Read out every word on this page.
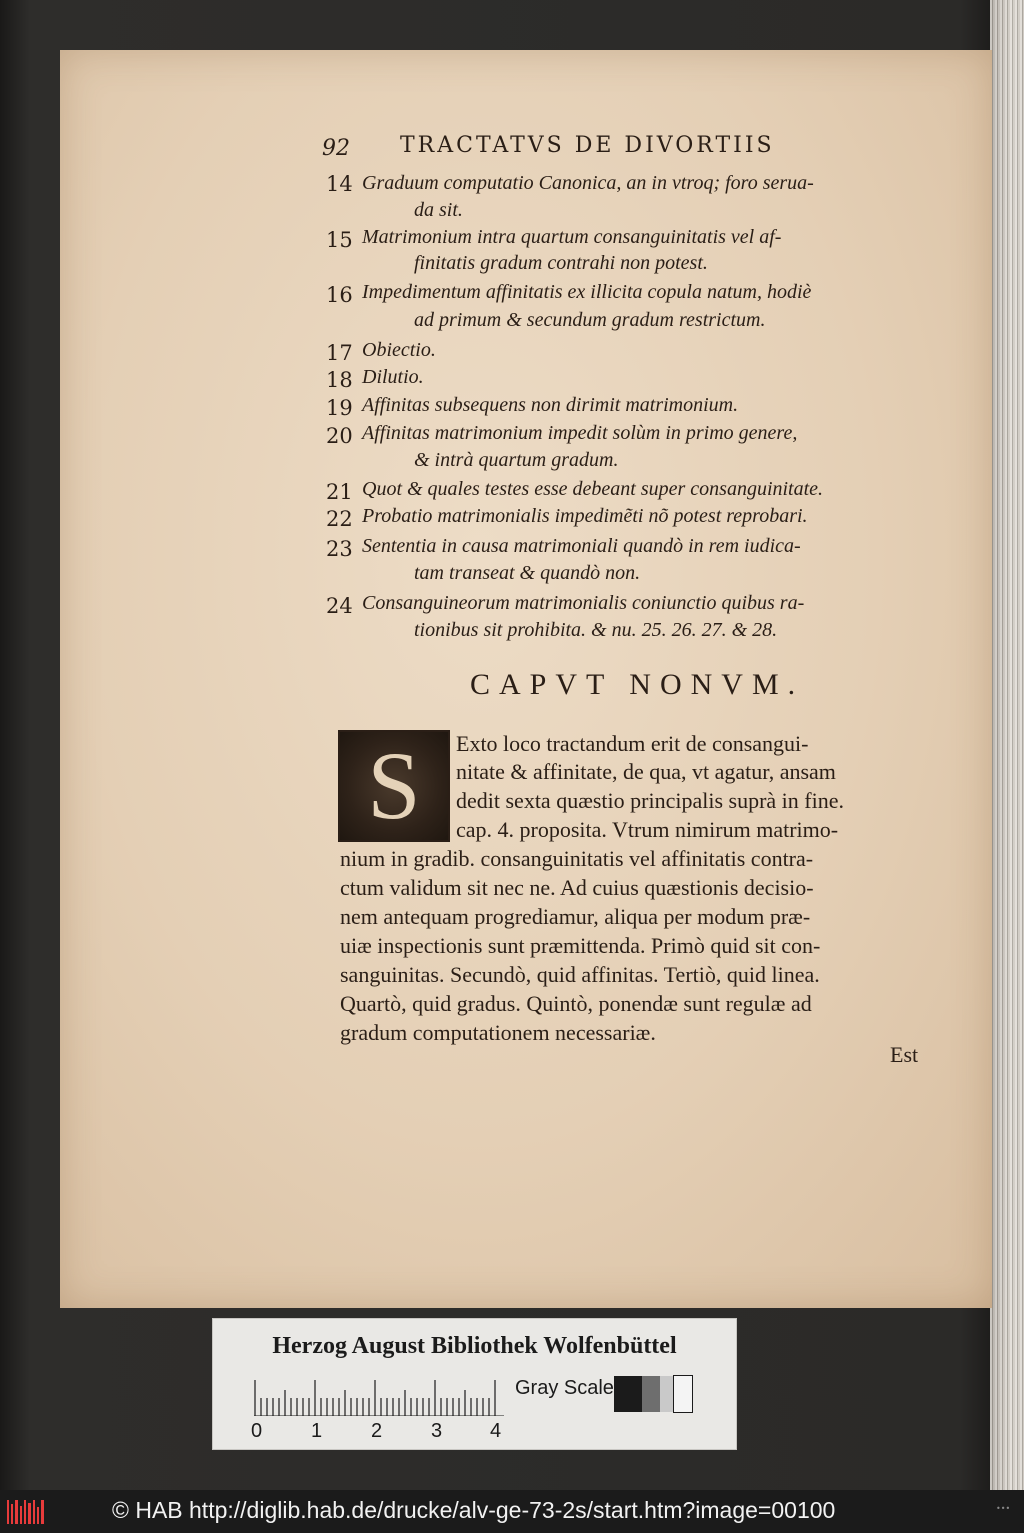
92 TRACTATVS DE DIVORTIIS
14 Graduum computatio Canonica, an in vtroq; foro serua-
da sit.
15 Matrimonium intra quartum consanguinitatis vel af-
finitatis gradum contrahi non potest.
16 Impedimentum affinitatis ex illicita copula natum, hodiè
ad primum & secundum gradum restrictum.
17 Obiectio.
18 Dilutio.
19 Affinitas subsequens non dirimit matrimonium.
20 Affinitas matrimonium impedit solùm in primo genere,
& intrà quartum gradum.
21 Quot & quales testes esse debeant super consanguinitate.
22 Probatio matrimonialis impedimẽti nõ potest reprobari.
23 Sententia in causa matrimoniali quandò in rem iudica-
tam transeat & quandò non.
24 Consanguineorum matrimonialis coniunctio quibus ra-
tionibus sit prohibita. & nu. 25. 26. 27. & 28.
CAPVT NONVM.
S	Exto loco tractandum erit de consangui-
nitate & affinitate, de qua, vt agatur, ansam
dedit sexta quæstio principalis suprà in fine.
cap. 4. proposita. Vtrum nimirum matrimo-
nium in gradib. consanguinitatis vel affinitatis contra-
ctum validum sit nec ne. Ad cuius quæstionis decisio-
nem antequam progrediamur, aliqua per modum præ-
uiæ inspectionis sunt præmittenda. Primò quid sit con-
sanguinitas. Secundò, quid affinitas. Tertiò, quid linea.
Quartò, quid gradus. Quintò, ponendæ sunt regulæ ad
gradum computationem necessariæ.
Est
Herzog August Bibliothek Wolfenbüttel
0 1 2 3 4
Gray Scale
© HAB http://diglib.hab.de/drucke/alv-ge-73-2s/start.htm?image=00100	•••
